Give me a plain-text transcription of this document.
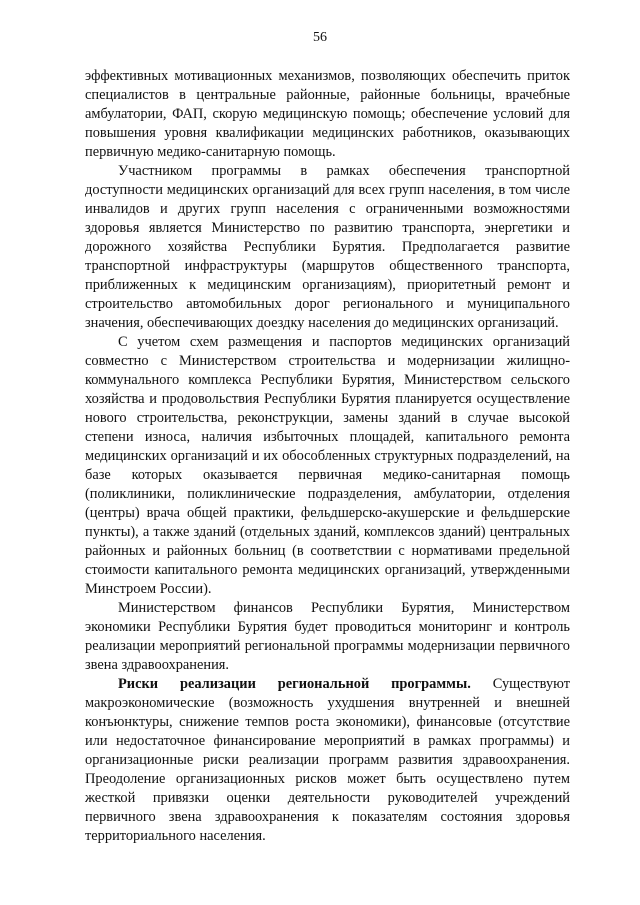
56

эффективных мотивационных механизмов, позволяющих обеспечить приток специалистов в центральные районные, районные больницы, врачебные амбулатории, ФАП, скорую медицинскую помощь; обеспечение условий для повышения уровня квалификации медицинских работников, оказывающих первичную медико-санитарную помощь.

Участником программы в рамках обеспечения транспортной доступности медицинских организаций для всех групп населения, в том числе инвалидов и других групп населения с ограниченными возможностями здоровья является Министерство по развитию транспорта, энергетики и дорожного хозяйства Республики Бурятия. Предполагается развитие транспортной инфраструктуры (маршрутов общественного транспорта, приближенных к медицинским организациям), приоритетный ремонт и строительство автомобильных дорог регионального и муниципального значения, обеспечивающих доездку населения до медицинских организаций.

С учетом схем размещения и паспортов медицинских организаций совместно с Министерством строительства и модернизации жилищно-коммунального комплекса Республики Бурятия, Министерством сельского хозяйства и продовольствия Республики Бурятия планируется осуществление нового строительства, реконструкции, замены зданий в случае высокой степени износа, наличия избыточных площадей, капитального ремонта медицинских организаций и их обособленных структурных подразделений, на базе которых оказывается первичная медико-санитарная помощь (поликлиники, поликлинические подразделения, амбулатории, отделения (центры) врача общей практики, фельдшерско-акушерские и фельдшерские пункты), а также зданий (отдельных зданий, комплексов зданий) центральных районных и районных больниц (в соответствии с нормативами предельной стоимости капитального ремонта медицинских организаций, утвержденными Минстроем России).

Министерством финансов Республики Бурятия, Министерством экономики Республики Бурятия будет проводиться мониторинг и контроль реализации мероприятий региональной программы модернизации первичного звена здравоохранения.

Риски реализации региональной программы. Существуют макроэкономические (возможность ухудшения внутренней и внешней конъюнктуры, снижение темпов роста экономики), финансовые (отсутствие или недостаточное финансирование мероприятий в рамках программы) и организационные риски реализации программ развития здравоохранения. Преодоление организационных рисков может быть осуществлено путем жесткой привязки оценки деятельности руководителей учреждений первичного звена здравоохранения к показателям состояния здоровья территориального населения.
